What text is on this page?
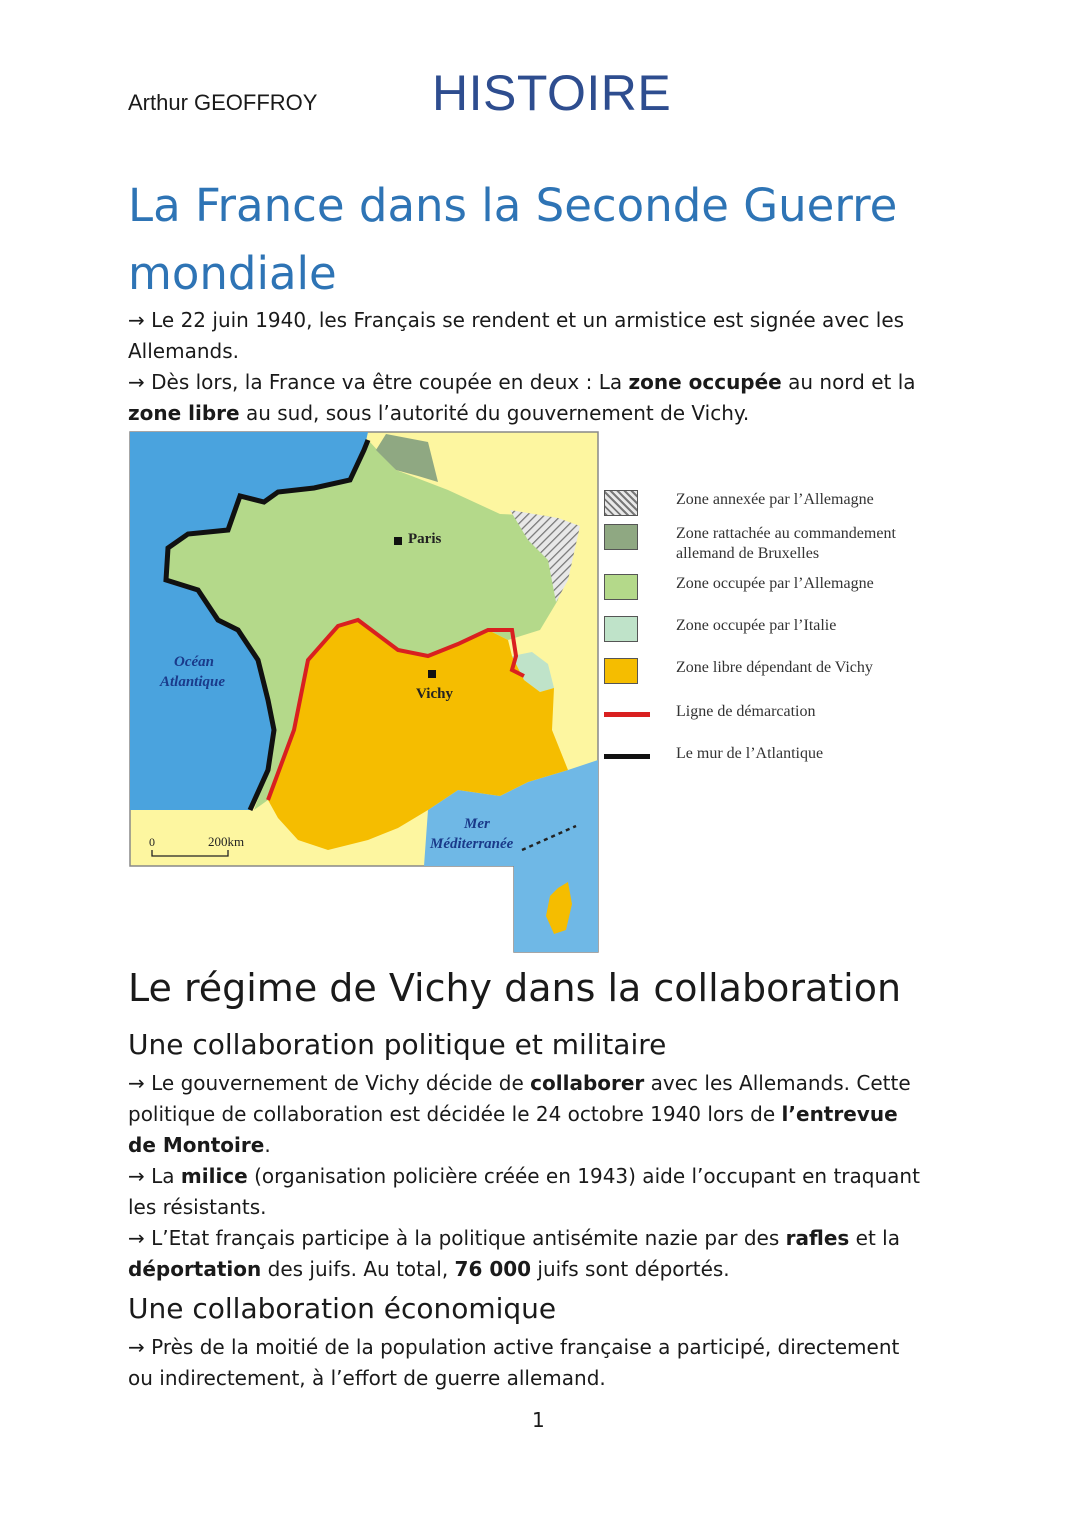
Arthur GEOFFROY HISTOIRE
La France dans la Seconde Guerre mondiale

→ Le 22 juin 1940, les Français se rendent et un armistice est signée avec les Allemands.

→ Dès lors, la France va être coupée en deux : La zone occupée au nord et la zone libre au sud, sous l’autorité du gouvernement de Vichy.

Paris
Vichy
Océan
Atlantique
Mer
Méditerranée
0	200km
Zone annexée par l’Allemagne
Zone rattachée au commandement allemand de Bruxelles
Zone occupée par l’Allemagne
Zone occupée par l’Italie
Zone libre dépendant de Vichy
Ligne de démarcation
Le mur de l’Atlantique
Le régime de Vichy dans la collaboration
Une collaboration politique et militaire

→ Le gouvernement de Vichy décide de collaborer avec les Allemands. Cette politique de collaboration est décidée le 24 octobre 1940 lors de l’entrevue de Montoire.

→ La milice (organisation policière créée en 1943) aide l’occupant en traquant les résistants.

→ L’Etat français participe à la politique antisémite nazie par des rafles et la déportation des juifs. Au total, 76 000 juifs sont déportés.

Une collaboration économique

→ Près de la moitié de la population active française a participé, directement ou indirectement, à l’effort de guerre allemand.

1
